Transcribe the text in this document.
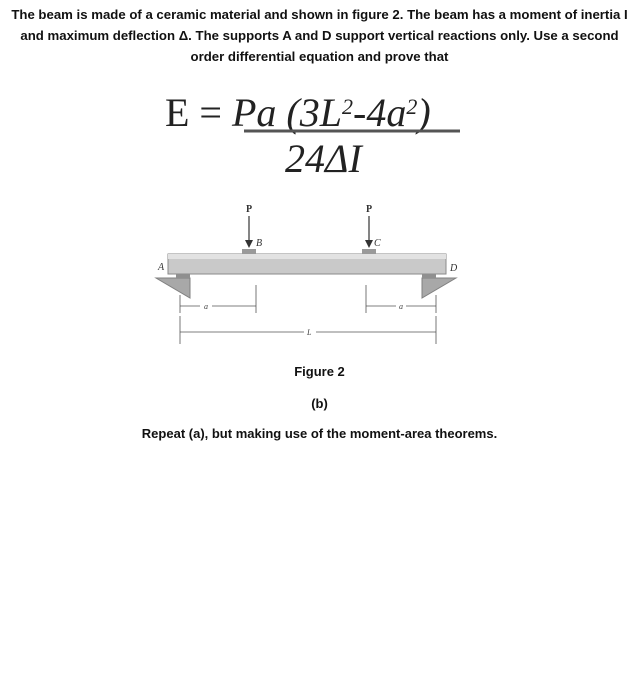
The beam is made of a ceramic material and shown in figure 2. The beam has a moment of inertia I and maximum deflection Δ. The supports A and D support vertical reactions only. Use a second order differential equation and prove that
E = Pa $(3L^2-4a^2)$
24ΔI
P	P
A
B	C
D
a	a
L
Figure 2
(b)
Repeat (a), but making use of the moment-area theorems.
